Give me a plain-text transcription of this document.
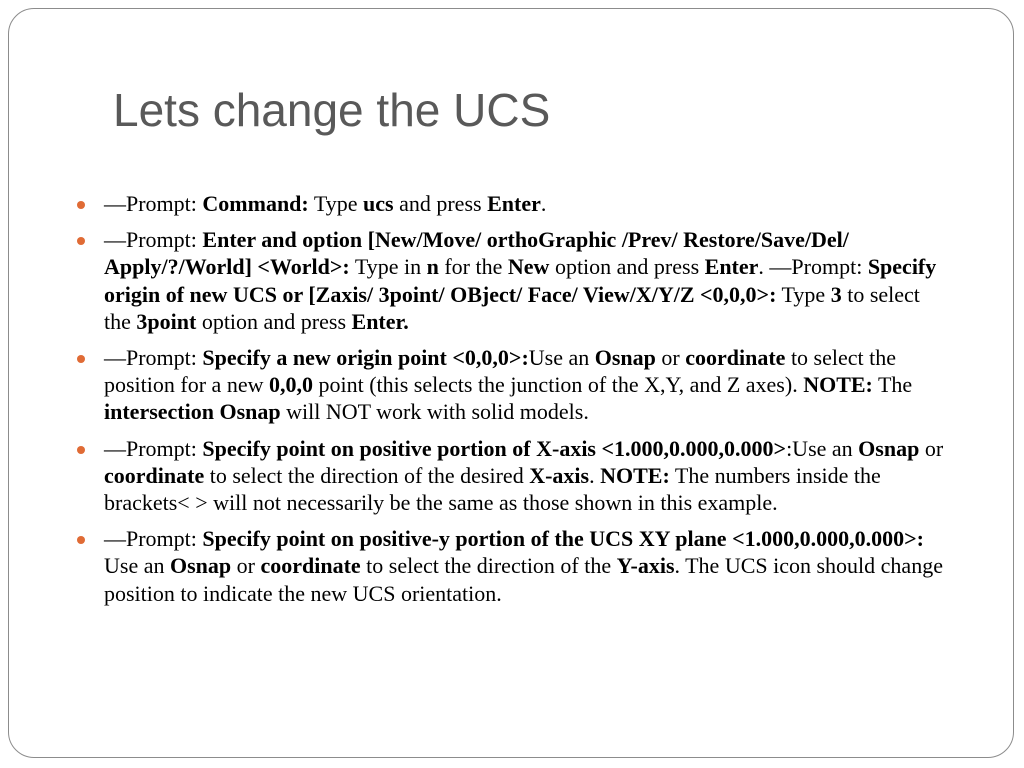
Lets change the UCS
—Prompt: Command: Type ucs and press Enter.
—Prompt: Enter and option [New/Move/ orthoGraphic /Prev/ Restore/Save/Del/ Apply/?/World] <World>: Type in n for the New option and press Enter. —Prompt: Specify origin of new UCS or [Zaxis/ 3point/ OBject/ Face/ View/X/Y/Z <0,0,0>: Type 3 to select the 3point option and press Enter.
—Prompt: Specify a new origin point <0,0,0>:Use an Osnap or coordinate to select the position for a new 0,0,0 point (this selects the junction of the X,Y, and Z axes). NOTE: The intersection Osnap will NOT work with solid models.
—Prompt: Specify point on positive portion of X-axis <1.000,0.000,0.000>:Use an Osnap or coordinate to select the direction of the desired X-axis. NOTE: The numbers inside the brackets< > will not necessarily be the same as those shown in this example.
—Prompt: Specify point on positive-y portion of the UCS XY plane <1.000,0.000,0.000>: Use an Osnap or coordinate to select the direction of the Y-axis. The UCS icon should change position to indicate the new UCS orientation.
